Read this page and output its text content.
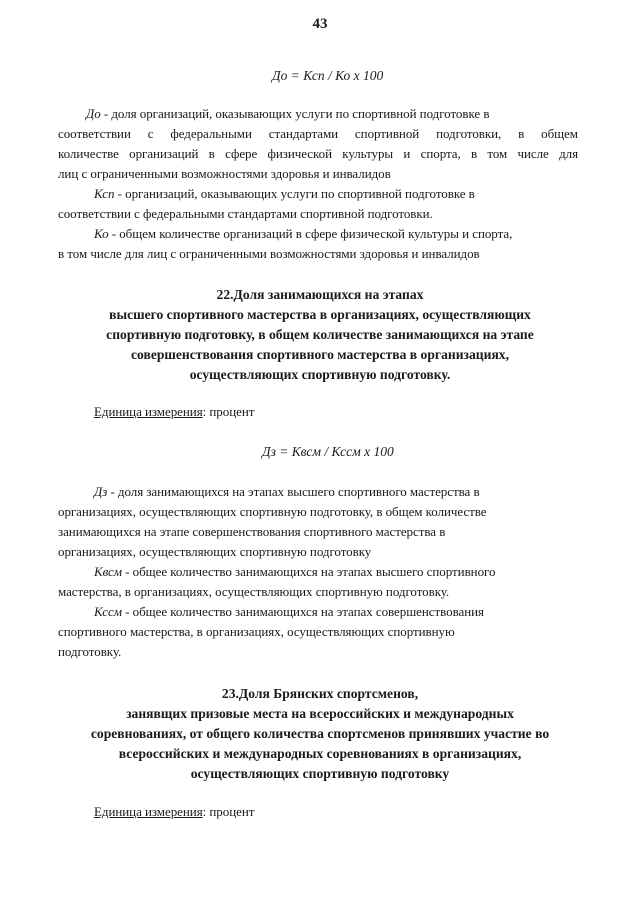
43
До = Ксп / Ко х 100
До - доля организаций, оказывающих услуги по спортивной подготовке в
соответствии с федеральными стандартами спортивной подготовки, в общем
количестве организаций в сфере физической культуры и спорта, в том числе для
лиц с ограниченными возможностями здоровья и инвалидов
Ксп - организаций, оказывающих услуги по спортивной подготовке в
соответствии с федеральными стандартами спортивной подготовки.
Ко - общем количестве организаций в сфере физической культуры и спорта,
в том числе для лиц с ограниченными возможностями здоровья и инвалидов
22.Доля занимающихся на этапах
высшего спортивного мастерства в организациях, осуществляющих
спортивную подготовку, в общем количестве занимающихся на этапе
совершенствования спортивного мастерства в организациях,
осуществляющих спортивную подготовку.
Единица измерения: процент
Дз = Квсм / Кссм х 100
Дз - доля занимающихся на этапах высшего спортивного мастерства в
организациях, осуществляющих спортивную подготовку, в общем количестве
занимающихся на этапе совершенствования спортивного мастерства в
организациях, осуществляющих спортивную подготовку
Квсм - общее количество занимающихся на этапах высшего спортивного
мастерства, в организациях, осуществляющих спортивную подготовку.
Кссм - общее количество занимающихся на этапах совершенствования
спортивного мастерства, в организациях, осуществляющих спортивную
подготовку.
23.Доля Брянских спортсменов,
занявщих призовые места на всероссийских и международных
соревнованиях, от общего количества спортсменов принявших участие во
всероссийских и международных соревнованиях в организациях,
осуществляющих спортивную подготовку
Единица измерения: процент
